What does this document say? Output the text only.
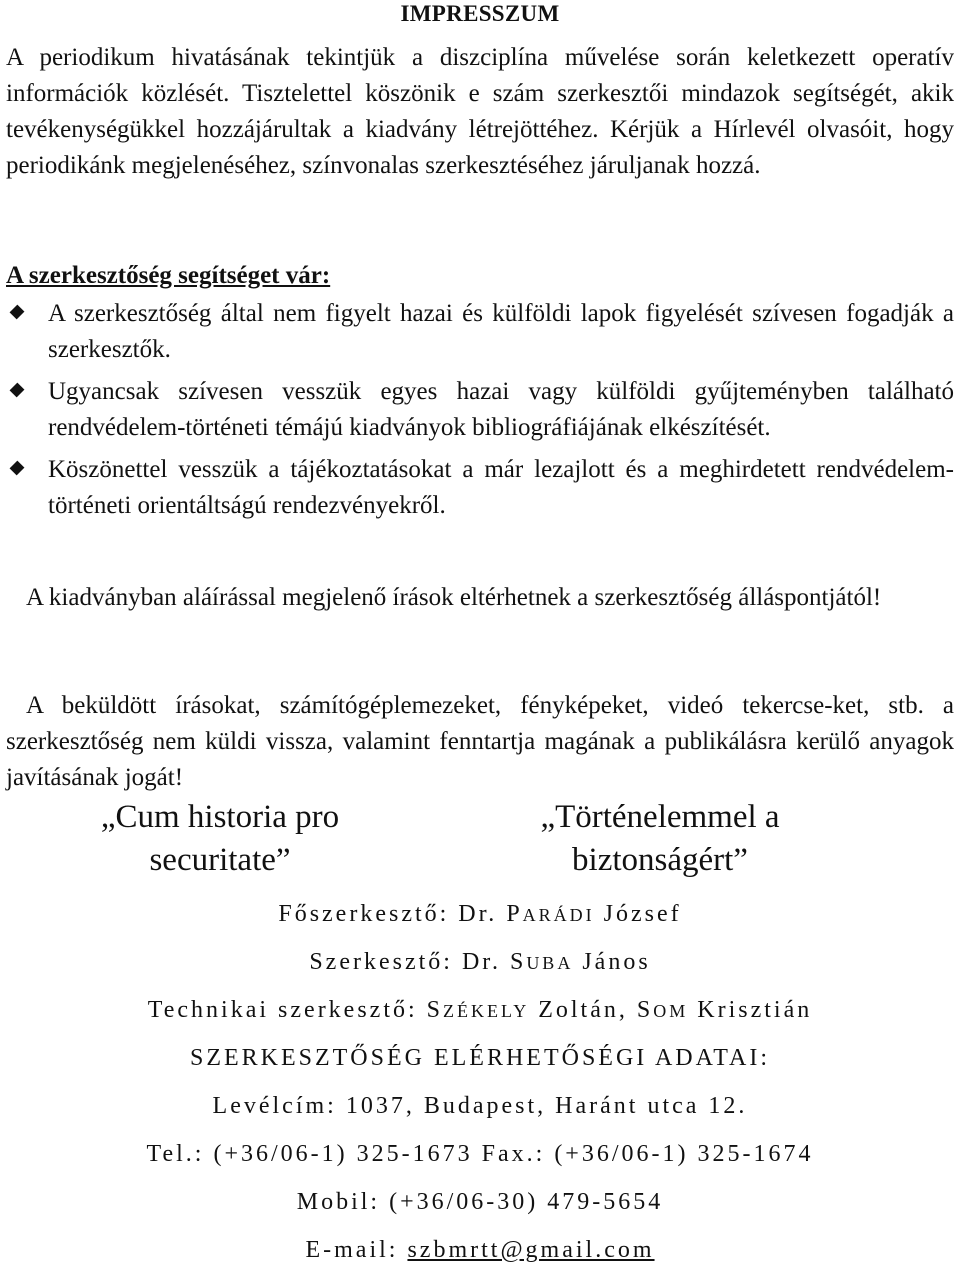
IMPRESSZUM
A periodikum hivatásának tekintjük a diszciplína művelése során keletkezett operatív információk közlését. Tisztelettel köszönik e szám szerkesztői mindazok segítségét, akik tevékenységükkel hozzájárultak a kiadvány létrejöttéhez. Kérjük a Hírlevél olvasóit, hogy periodikánk megjelenéséhez, színvonalas szerkesztéséhez járuljanak hozzá.
A szerkesztőség segítséget vár:
A szerkesztőség által nem figyelt hazai és külföldi lapok figyelését szívesen fogadják a szerkesztők.
Ugyancsak szívesen vesszük egyes hazai vagy külföldi gyűjteményben található rendvédelem-történeti témájú kiadványok bibliográfiájának elkészítését.
Köszönettel vesszük a tájékoztatásokat a már lezajlott és a meghirdetett rendvédelem-történeti orientáltságú rendezvényekről.
A kiadványban aláírással megjelenő írások eltérhetnek a szerkesztőség álláspontjától!
A beküldött írásokat, számítógéplemezeket, fényképeket, videó tekercse-ket, stb. a szerkesztőség nem küldi vissza, valamint fenntartja magának a publikálásra kerülő anyagok javításának jogát!
„Cum historia pro
securitate”
„Történelemmel a
biztonságért”
Főszerkesztő: Dr. PARÁDI József
Szerkesztő: Dr. SUBA János
Technikai szerkesztő: SZÉKELY Zoltán, SOM Krisztián
SZERKESZTŐSÉG ELÉRHETŐSÉGI ADATAI:
Levélcím: 1037, Budapest, Haránt utca 12.
Tel.: (+36/06-1) 325-1673 Fax.: (+36/06-1) 325-1674
Mobil: (+36/06-30) 479-5654
E-mail: szbmrtt@gmail.com
